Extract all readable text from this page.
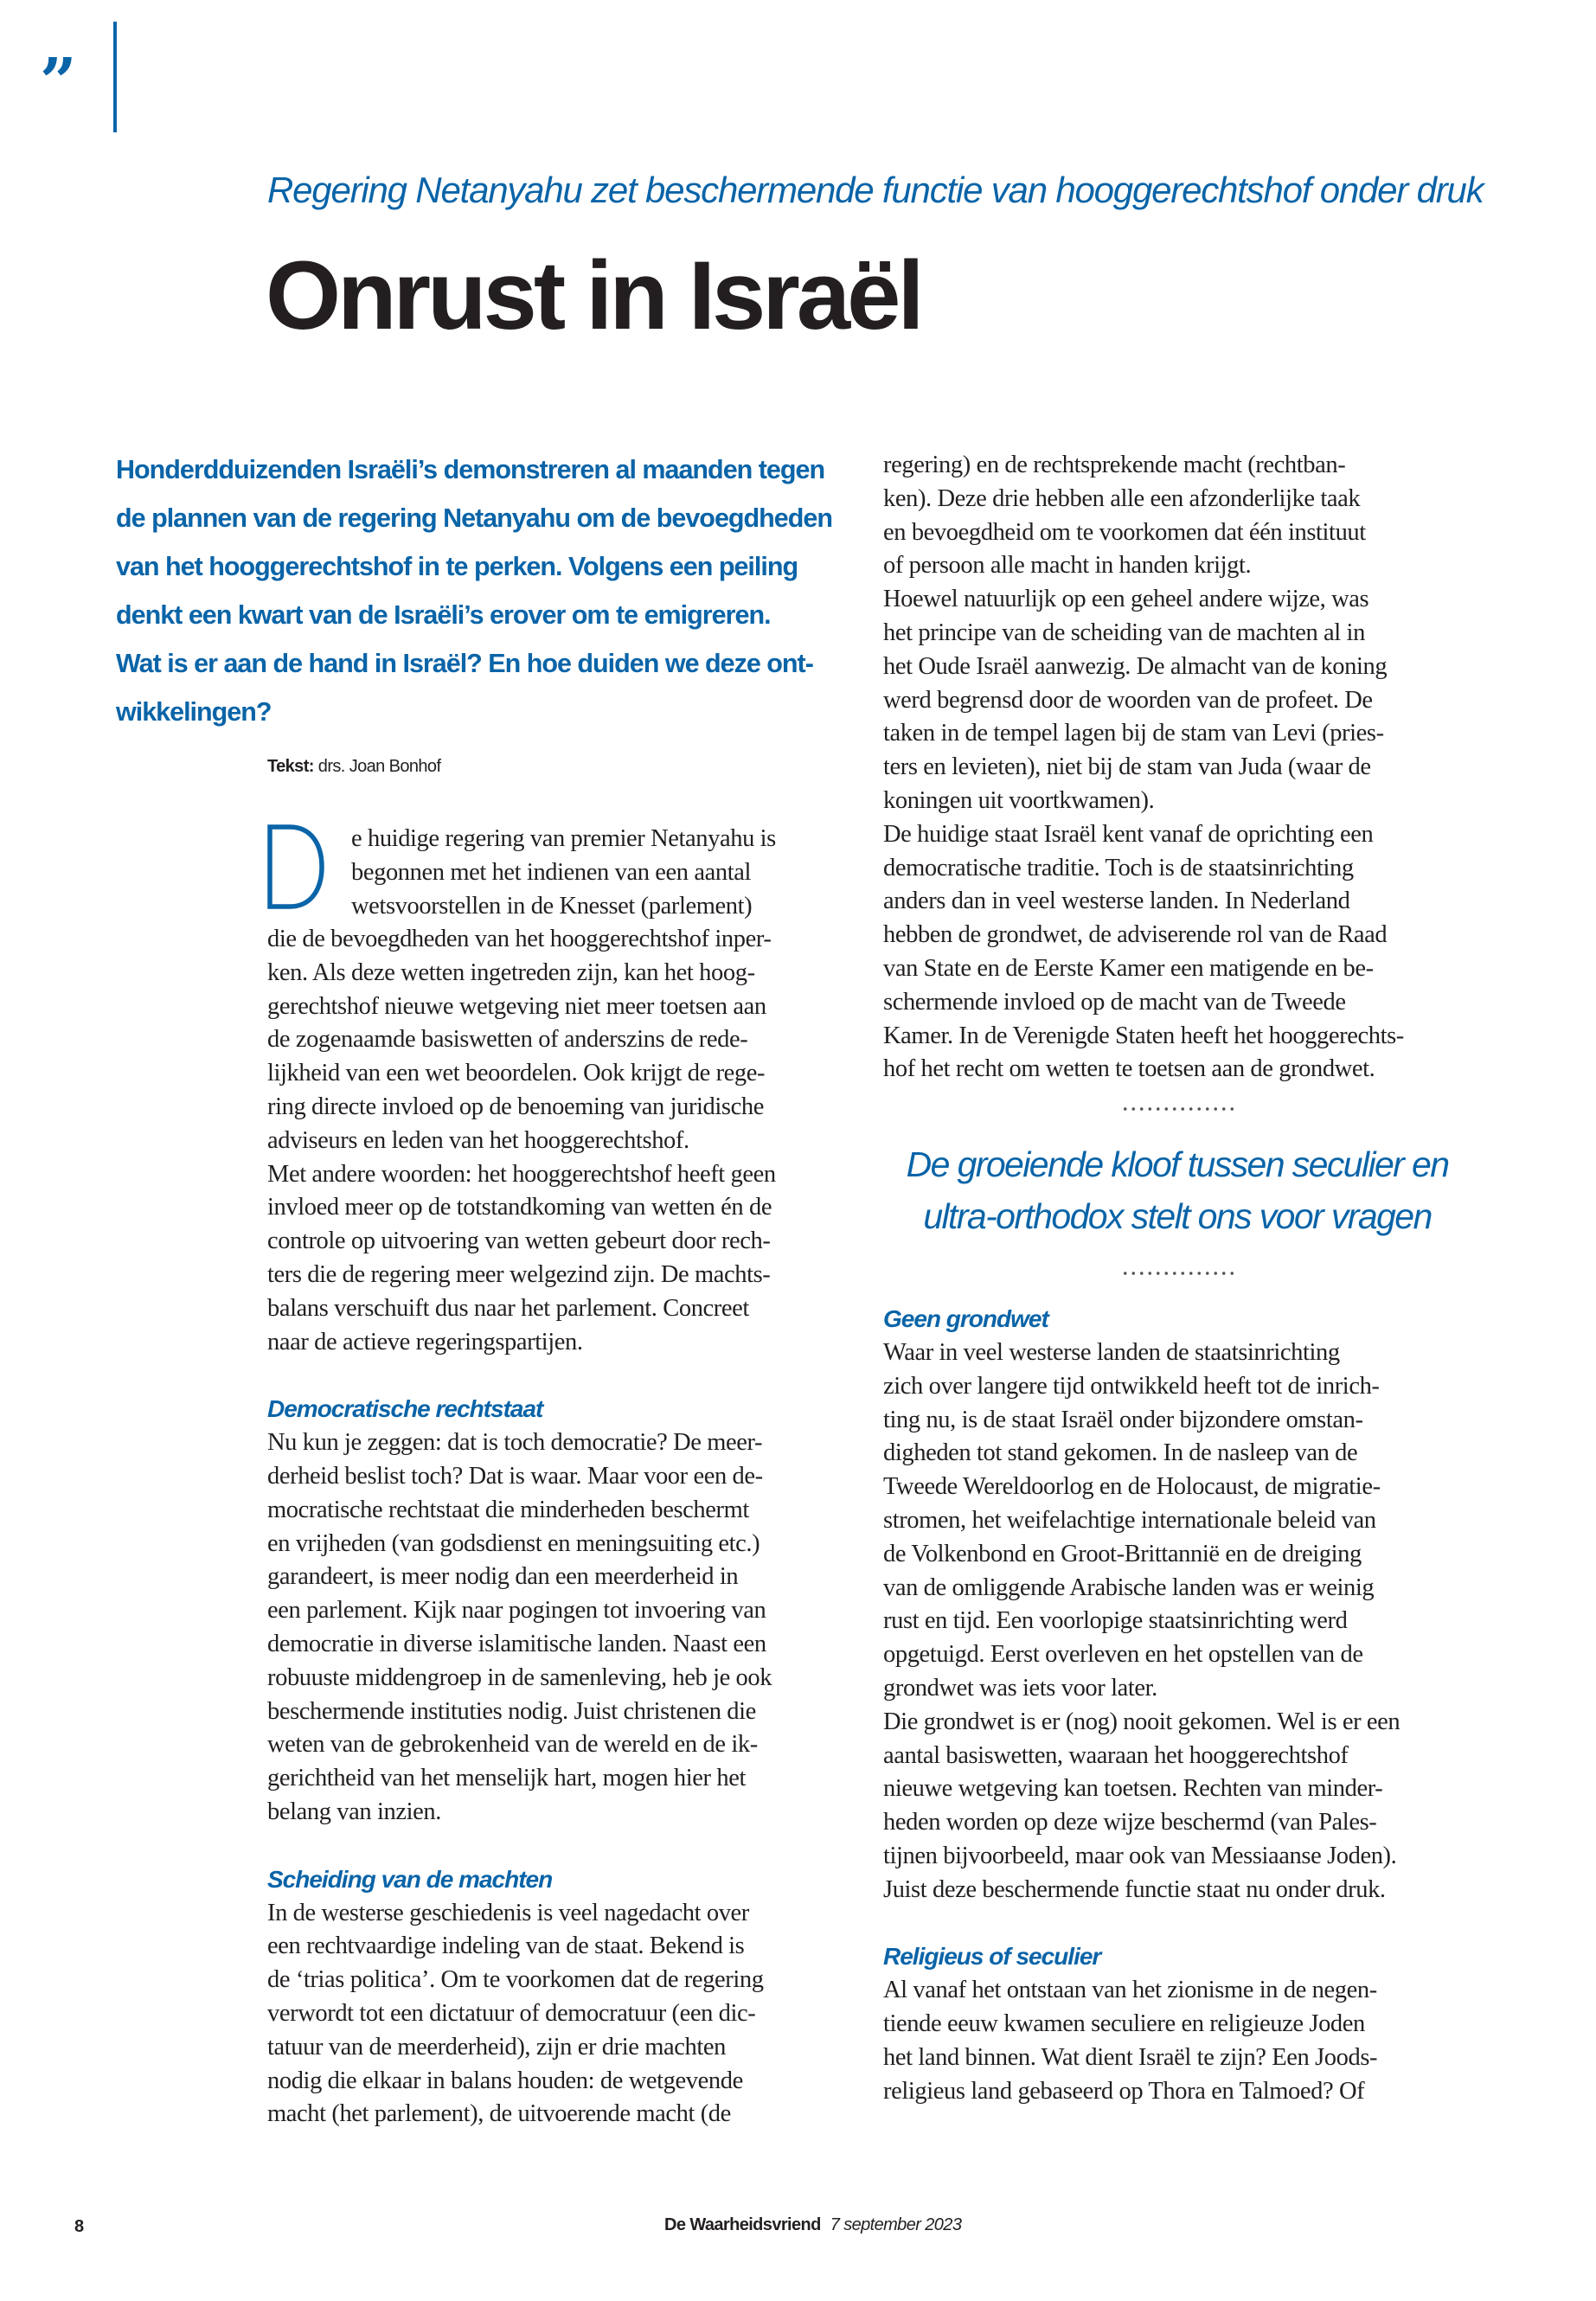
”
Regering Netanyahu zet beschermende functie van hooggerechtshof onder druk
Onrust in Israël
Honderdduizenden Israëli’s demonstreren al maanden tegen
de plannen van de regering Netanyahu om de bevoegdheden
van het hooggerechtshof in te perken. Volgens een peiling
denkt een kwart van de Israëli’s erover om te emigreren.
Wat is er aan de hand in Israël? En hoe duiden we deze ont-
wikkelingen?
Tekst: drs. Joan Bonhof
e huidige regering van premier Netanyahu is
begonnen met het indienen van een aantal
wetsvoorstellen in de Knesset (parlement)
die de bevoegdheden van het hooggerechtshof inper-
ken. Als deze wetten ingetreden zijn, kan het hoog-
gerechtshof nieuwe wetgeving niet meer toetsen aan
de zogenaamde basiswetten of anderszins de rede-
lijkheid van een wet beoordelen. Ook krijgt de rege-
ring directe invloed op de benoeming van juridische
adviseurs en leden van het hooggerechtshof.
Met andere woorden: het hooggerechtshof heeft geen
invloed meer op de totstandkoming van wetten én de
controle op uitvoering van wetten gebeurt door rech-
ters die de regering meer welgezind zijn. De machts-
balans verschuift dus naar het parlement. Concreet
naar de actieve regeringspartijen.
Democratische rechtstaat
Nu kun je zeggen: dat is toch democratie? De meer-
derheid beslist toch? Dat is waar. Maar voor een de-
mocratische rechtstaat die minderheden beschermt
en vrijheden (van godsdienst en meningsuiting etc.)
garandeert, is meer nodig dan een meerderheid in
een parlement. Kijk naar pogingen tot invoering van
democratie in diverse islamitische landen. Naast een
robuuste middengroep in de samenleving, heb je ook
beschermende instituties nodig. Juist christenen die
weten van de gebrokenheid van de wereld en de ik-
gerichtheid van het menselijk hart, mogen hier het
belang van inzien.
Scheiding van de machten
In de westerse geschiedenis is veel nagedacht over
een rechtvaardige indeling van de staat. Bekend is
de ‘trias politica’. Om te voorkomen dat de regering
verwordt tot een dictatuur of democratuur (een dic-
tatuur van de meerderheid), zijn er drie machten
nodig die elkaar in balans houden: de wetgevende
macht (het parlement), de uitvoerende macht (de
regering) en de rechtsprekende macht (rechtban-
ken). Deze drie hebben alle een afzonderlijke taak
en bevoegdheid om te voorkomen dat één instituut
of persoon alle macht in handen krijgt.
Hoewel natuurlijk op een geheel andere wijze, was
het principe van de scheiding van de machten al in
het Oude Israël aanwezig. De almacht van de koning
werd begrensd door de woorden van de profeet. De
taken in de tempel lagen bij de stam van Levi (pries-
ters en levieten), niet bij de stam van Juda (waar de
koningen uit voortkwamen).
De huidige staat Israël kent vanaf de oprichting een
democratische traditie. Toch is de staatsinrichting
anders dan in veel westerse landen. In Nederland
hebben de grondwet, de adviserende rol van de Raad
van State en de Eerste Kamer een matigende en be-
schermende invloed op de macht van de Tweede
Kamer. In de Verenigde Staten heeft het hooggerechts-
hof het recht om wetten te toetsen aan de grondwet.
De groeiende kloof tussen seculier en
ultra-orthodox stelt ons voor vragen
Geen grondwet
Waar in veel westerse landen de staatsinrichting
zich over langere tijd ontwikkeld heeft tot de inrich-
ting nu, is de staat Israël onder bijzondere omstan-
digheden tot stand gekomen. In de nasleep van de
Tweede Wereldoorlog en de Holocaust, de migratie-
stromen, het weifelachtige internationale beleid van
de Volkenbond en Groot-Brittannië en de dreiging
van de omliggende Arabische landen was er weinig
rust en tijd. Een voorlopige staatsinrichting werd
opgetuigd. Eerst overleven en het opstellen van de
grondwet was iets voor later.
Die grondwet is er (nog) nooit gekomen. Wel is er een
aantal basiswetten, waaraan het hooggerechtshof
nieuwe wetgeving kan toetsen. Rechten van minder-
heden worden op deze wijze beschermd (van Pales-
tijnen bijvoorbeeld, maar ook van Messiaanse Joden).
Juist deze beschermende functie staat nu onder druk.
Religieus of seculier
Al vanaf het ontstaan van het zionisme in de negen-
tiende eeuw kwamen seculiere en religieuze Joden
het land binnen. Wat dient Israël te zijn? Een Joods-
religieus land gebaseerd op Thora en Talmoed? Of
8	De Waarheidsvriend 7 september 2023
